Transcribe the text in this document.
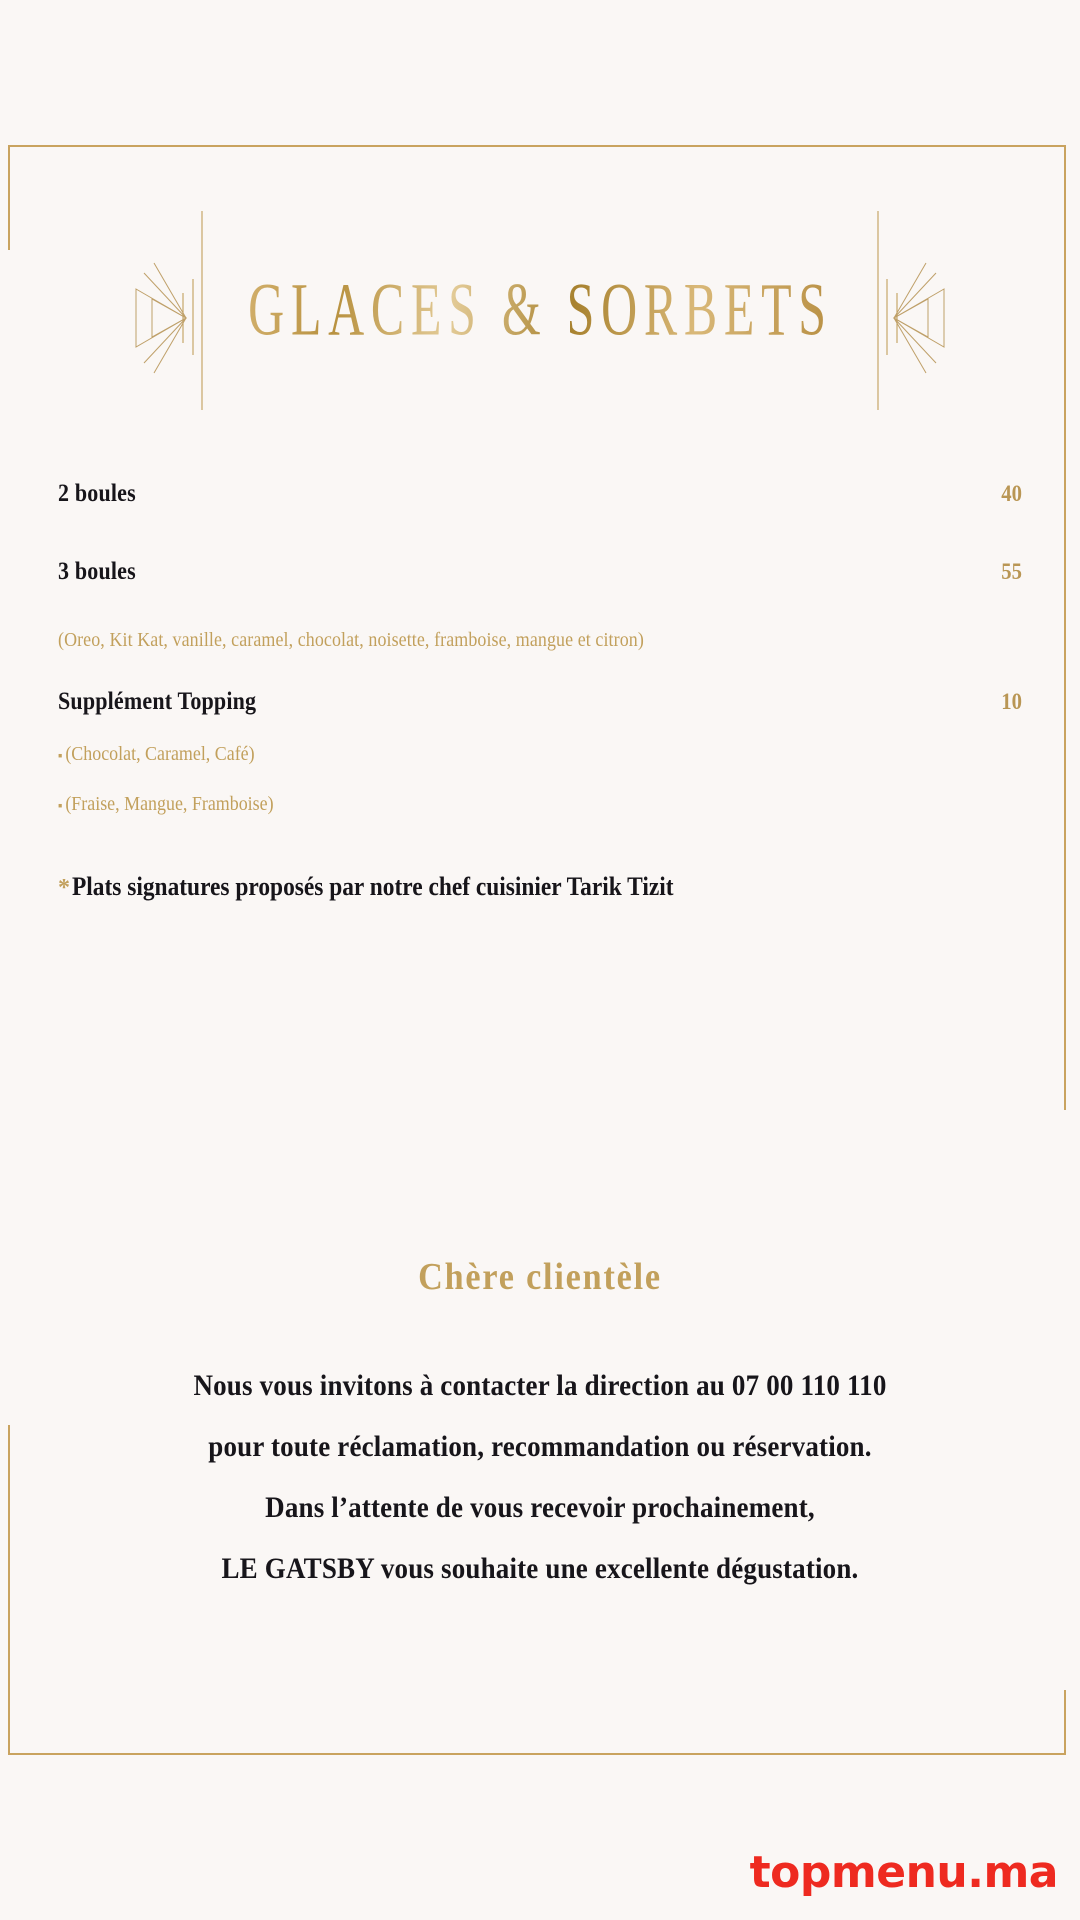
GLACES & SORBETS
2 boules	40
3 boules	55
(Oreo, Kit Kat, vanille, caramel, chocolat, noisette, framboise, mangue et citron)
Supplément Topping	10
▪ (Chocolat, Caramel, Café)
▪ (Fraise, Mangue, Framboise)
* Plats signatures proposés par notre chef cuisinier Tarik Tizit
Chère clientèle

Nous vous invitons à contacter la direction au 07 00 110 110

pour toute réclamation, recommandation ou réservation.

Dans l’attente de vous recevoir prochainement,

LE GATSBY vous souhaite une excellente dégustation.

topmenu.ma
